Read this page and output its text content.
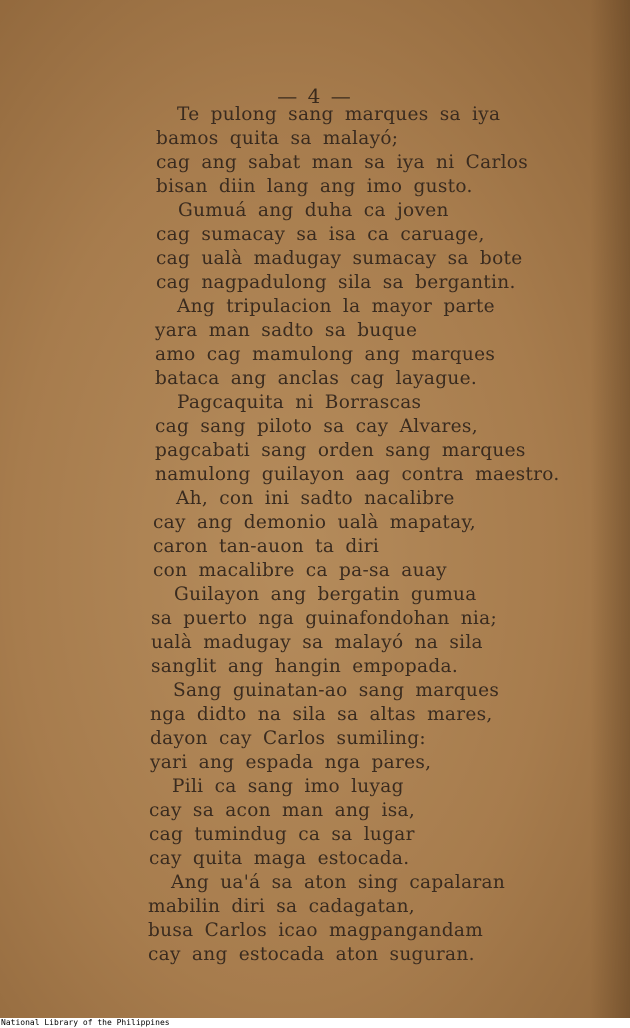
— 4 —
Te pulong sang marques sa iya
bamos quita sa malayó;
cag ang sabat man sa iya ni Carlos
bisan diin lang ang imo gusto.
Gumuá ang duha ca joven
cag sumacay sa isa ca caruage,
cag ualà madugay sumacay sa bote
cag nagpadulong sila sa bergantin.
Ang tripulacion la mayor parte
yara man sadto sa buque
amo cag mamulong ang marques
bataca ang anclas cag layague.
Pagcaquita ni Borrascas
cag sang piloto sa cay Alvares,
pagcabati sang orden sang marques
namulong guilayon aag contra maestro.
Ah, con ini sadto nacalibre
cay ang demonio ualà mapatay,
caron tan-auon ta diri
con macalibre ca pa-sa auay
Guilayon ang bergatin gumua
sa puerto nga guinafondohan nia;
ualà madugay sa malayó na sila
sanglit ang hangin empopada.
Sang guinatan-ao sang marques
nga didto na sila sa altas mares,
dayon cay Carlos sumiling:
yari ang espada nga pares,
Pili ca sang imo luyag
cay sa acon man ang isa,
cag tumindug ca sa lugar
cay quita maga estocada.
Ang ua'á sa aton sing capalaran
mabilin diri sa cadagatan,
busa Carlos icao magpangandam
cay ang estocada aton suguran.
National Library of the Philippines
